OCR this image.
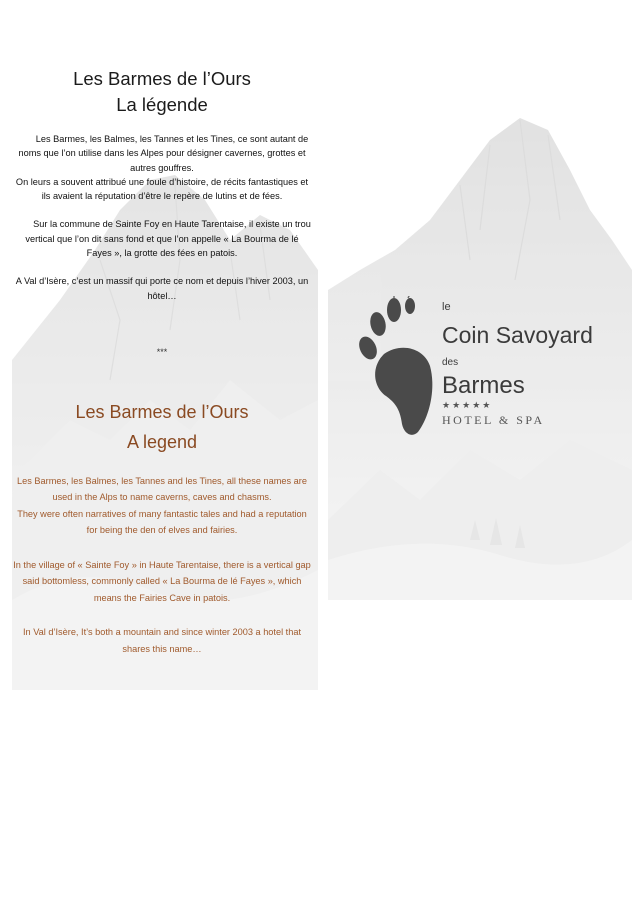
Les Barmes de l’Ours
La légende

Les Barmes, les Balmes, les Tannes et les Tines, ce sont autant de noms que l’on utilise dans les Alpes pour désigner cavernes, grottes et autres gouffres.

On leurs a souvent attribué une foule d’histoire, de récits fantastiques et ils avaient la réputation d’être le repère de lutins et de fées.

Sur la commune de Sainte Foy en Haute Tarentaise, il existe un trou vertical que l’on dit sans fond et que l’on appelle « La Bourma de lé Fayes », la grotte des fées en patois.

A Val d’Isère, c’est un massif qui porte ce nom et depuis l’hiver 2003, un hôtel…

***
Les Barmes de l’Ours
A legend

Les Barmes, les Balmes, les Tannes and les Tines, all these names are used in the Alps to name caverns, caves and chasms.

They were often narratives of many fantastic tales and had a reputation for being the den of elves and fairies.

In the village of « Sainte Foy » in Haute Tarentaise, there is a vertical gap said bottomless, commonly called « La Bourma de lé Fayes », which means the Fairies Cave in patois.

In Val d’Isère, It’s both a mountain and since winter 2003 a hotel that shares this name…

le
Coin Savoyard
des
Barmes
★★★★★
HOTEL & SPA
